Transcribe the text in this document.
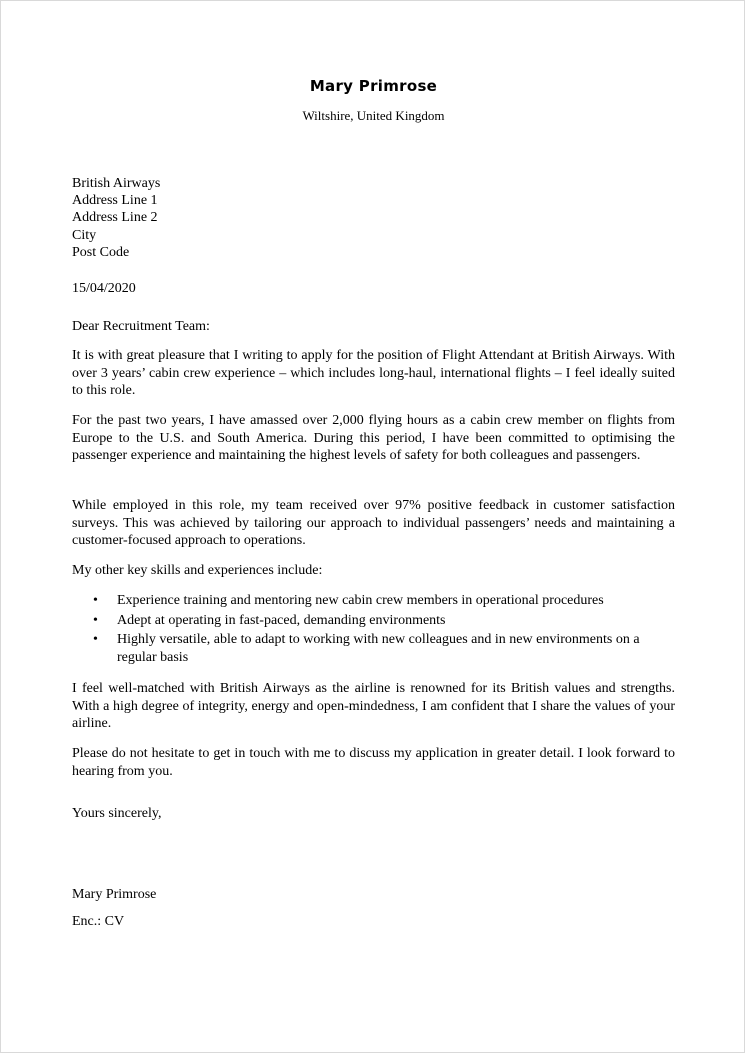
Mary Primrose
Wiltshire, United Kingdom
British Airways
Address Line 1
Address Line 2
City
Post Code
15/04/2020
Dear Recruitment Team:

It is with great pleasure that I writing to apply for the position of Flight Attendant at British Airways. With over 3 years’ cabin crew experience – which includes long-haul, international flights – I feel ideally suited to this role.

For the past two years, I have amassed over 2,000 flying hours as a cabin crew member on flights from Europe to the U.S. and South America. During this period, I have been committed to optimising the passenger experience and maintaining the highest levels of safety for both colleagues and passengers.

While employed in this role, my team received over 97% positive feedback in customer satisfaction surveys. This was achieved by tailoring our approach to individual passengers’ needs and maintaining a customer-focused approach to operations.

My other key skills and experiences include:

• Experience training and mentoring new cabin crew members in operational procedures
• Adept at operating in fast-paced, demanding environments
• Highly versatile, able to adapt to working with new colleagues and in new environments on a regular basis

I feel well-matched with British Airways as the airline is renowned for its British values and strengths. With a high degree of integrity, energy and open-mindedness, I am confident that I share the values of your airline.

Please do not hesitate to get in touch with me to discuss my application in greater detail. I look forward to hearing from you.

Yours sincerely,
Mary Primrose
Enc.: CV
